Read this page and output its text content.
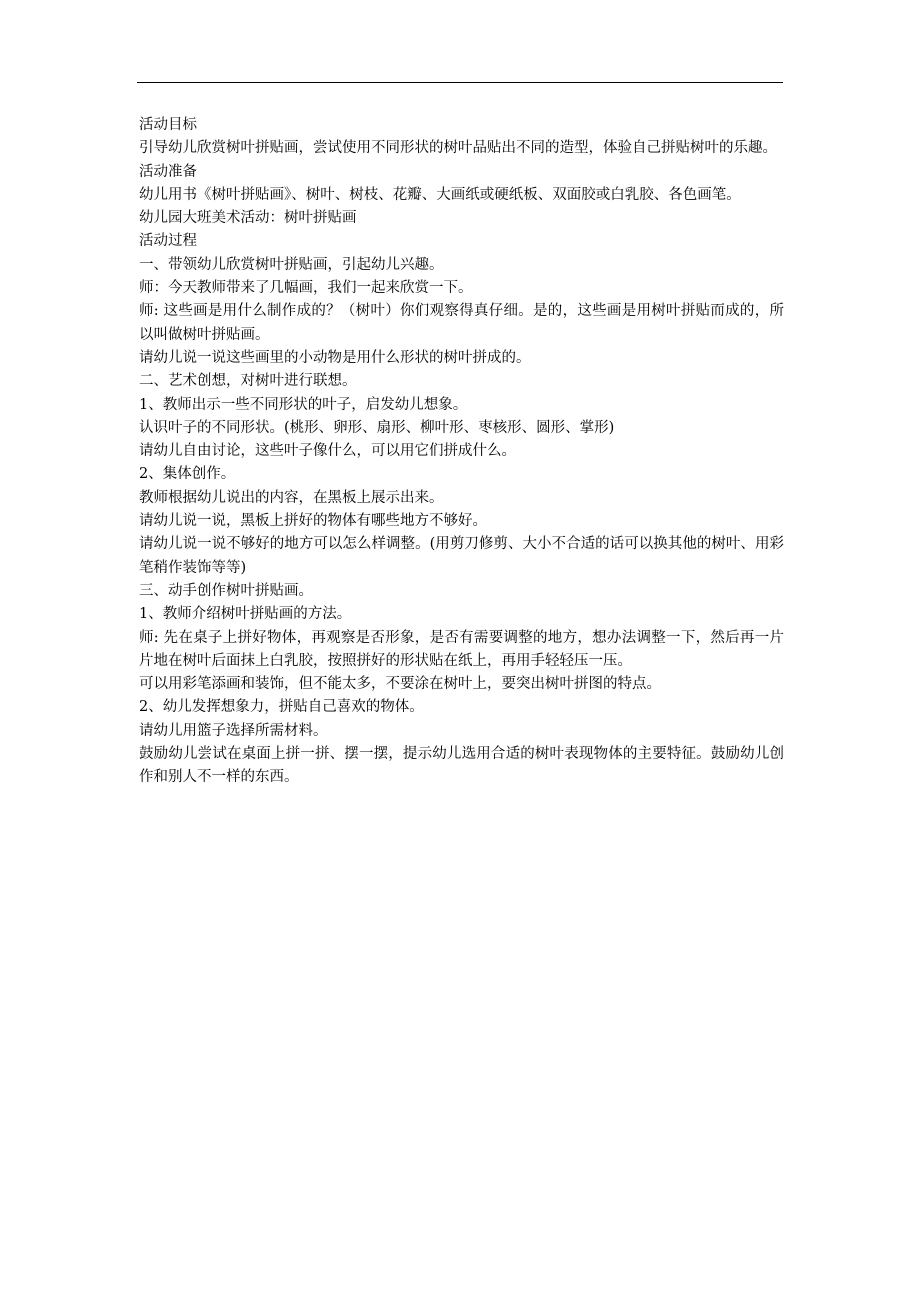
活动目标

引导幼儿欣赏树叶拼贴画，尝试使用不同形状的树叶品贴出不同的造型，体验自己拼贴树叶的乐趣。

活动准备

幼儿用书《树叶拼贴画》、树叶、树枝、花瓣、大画纸或硬纸板、双面胶或白乳胶、各色画笔。

幼儿园大班美术活动：树叶拼贴画

活动过程

一、带领幼儿欣赏树叶拼贴画，引起幼儿兴趣。

师：今天教师带来了几幅画，我们一起来欣赏一下。

师: 这些画是用什么制作成的？（树叶）你们观察得真仔细。是的，这些画是用树叶拼贴而成的，所以叫做树叶拼贴画。

请幼儿说一说这些画里的小动物是用什么形状的树叶拼成的。

二、艺术创想，对树叶进行联想。

1、教师出示一些不同形状的叶子，启发幼儿想象。

认识叶子的不同形状。(桃形、卵形、扇形、柳叶形、枣核形、圆形、掌形)

请幼儿自由讨论，这些叶子像什么，可以用它们拼成什么。

2、集体创作。

教师根据幼儿说出的内容，在黑板上展示出来。

请幼儿说一说，黑板上拼好的物体有哪些地方不够好。

请幼儿说一说不够好的地方可以怎么样调整。(用剪刀修剪、大小不合适的话可以换其他的树叶、用彩笔稍作装饰等等)

三、动手创作树叶拼贴画。

1、教师介绍树叶拼贴画的方法。

师: 先在桌子上拼好物体，再观察是否形象，是否有需要调整的地方，想办法调整一下，然后再一片片地在树叶后面抹上白乳胶，按照拼好的形状贴在纸上，再用手轻轻压一压。

可以用彩笔添画和装饰，但不能太多，不要涂在树叶上，要突出树叶拼图的特点。

2、幼儿发挥想象力，拼贴自己喜欢的物体。

请幼儿用篮子选择所需材料。

鼓励幼儿尝试在桌面上拼一拼、摆一摆，提示幼儿选用合适的树叶表现物体的主要特征。鼓励幼儿创作和别人不一样的东西。
